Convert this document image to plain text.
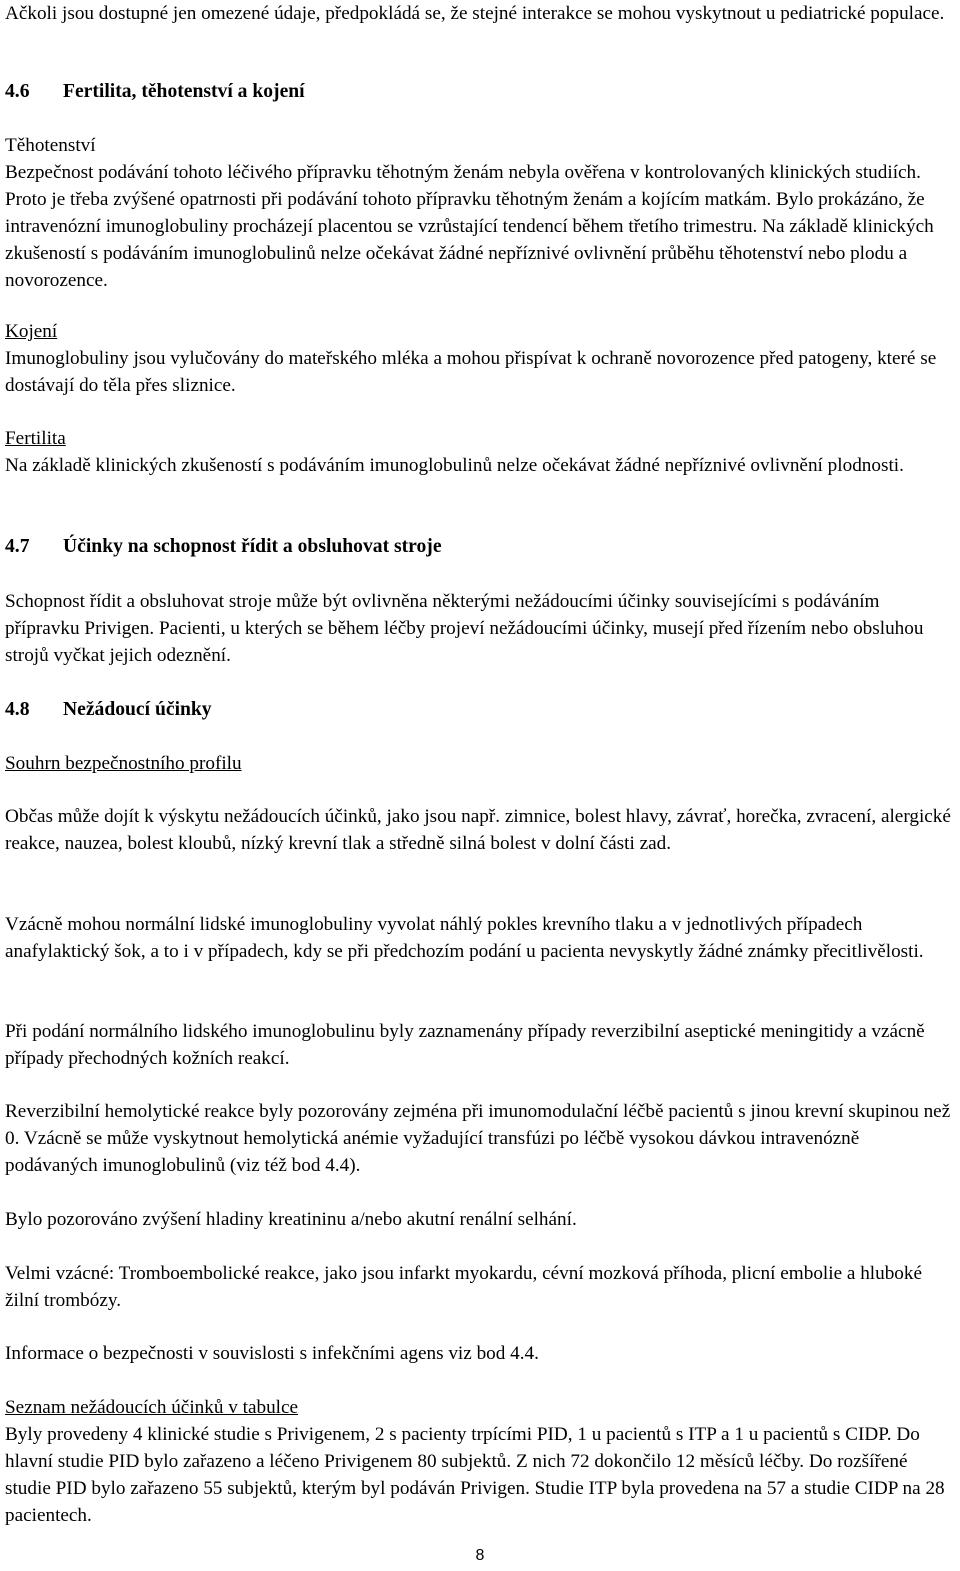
Ačkoli jsou dostupné jen omezené údaje, předpokládá se, že stejné interakce se mohou vyskytnout u pediatrické populace.

4.6 Fertilita, těhotenství a kojení

Těhotenství

Bezpečnost podávání tohoto léčivého přípravku těhotným ženám nebyla ověřena v kontrolovaných klinických studiích. Proto je třeba zvýšené opatrnosti při podávání tohoto přípravku těhotným ženám a kojícím matkám. Bylo prokázáno, že intravenózní imunoglobuliny procházejí placentou se vzrůstající tendencí během třetího trimestru. Na základě klinických zkušeností s podáváním imunoglobulinů nelze očekávat žádné nepříznivé ovlivnění průběhu těhotenství nebo plodu a novorozence.

Kojení

Imunoglobuliny jsou vylučovány do mateřského mléka a mohou přispívat k ochraně novorozence před patogeny, které se dostávají do těla přes sliznice.

Fertilita

Na základě klinických zkušeností s podáváním imunoglobulinů nelze očekávat žádné nepříznivé ovlivnění plodnosti.

4.7 Účinky na schopnost řídit a obsluhovat stroje

Schopnost řídit a obsluhovat stroje může být ovlivněna některými nežádoucími účinky souvisejícími s podáváním přípravku Privigen. Pacienti, u kterých se během léčby projeví nežádoucími účinky, musejí před řízením nebo obsluhou strojů vyčkat jejich odeznění.

4.8 Nežádoucí účinky

Souhrn bezpečnostního profilu

Občas může dojít k výskytu nežádoucích účinků, jako jsou např. zimnice, bolest hlavy, závrať, horečka, zvracení, alergické reakce, nauzea, bolest kloubů, nízký krevní tlak a středně silná bolest v dolní části zad.

Vzácně mohou normální lidské imunoglobuliny vyvolat náhlý pokles krevního tlaku a v jednotlivých případech anafylaktický šok, a to i v případech, kdy se při předchozím podání u pacienta nevyskytly žádné známky přecitlivělosti.

Při podání normálního lidského imunoglobulinu byly zaznamenány případy reverzibilní aseptické meningitidy a vzácně případy přechodných kožních reakcí.

Reverzibilní hemolytické reakce byly pozorovány zejména při imunomodulační léčbě pacientů s jinou krevní skupinou než 0. Vzácně se může vyskytnout hemolytická anémie vyžadující transfúzi po léčbě vysokou dávkou intravenózně podávaných imunoglobulinů (viz též bod 4.4).

Bylo pozorováno zvýšení hladiny kreatininu a/nebo akutní renální selhání.

Velmi vzácné: Tromboembolické reakce, jako jsou infarkt myokardu, cévní mozková příhoda, plicní embolie a hluboké žilní trombózy.

Informace o bezpečnosti v souvislosti s infekčními agens viz bod 4.4.

Seznam nežádoucích účinků v tabulce

Byly provedeny 4 klinické studie s Privigenem, 2 s pacienty trpícími PID, 1 u pacientů s ITP a 1 u pacientů s CIDP. Do hlavní studie PID bylo zařazeno a léčeno Privigenem 80 subjektů. Z nich 72 dokončilo 12 měsíců léčby. Do rozšířené studie PID bylo zařazeno 55 subjektů, kterým byl podáván Privigen. Studie ITP byla provedena na 57 a studie CIDP na 28 pacientech.

8
